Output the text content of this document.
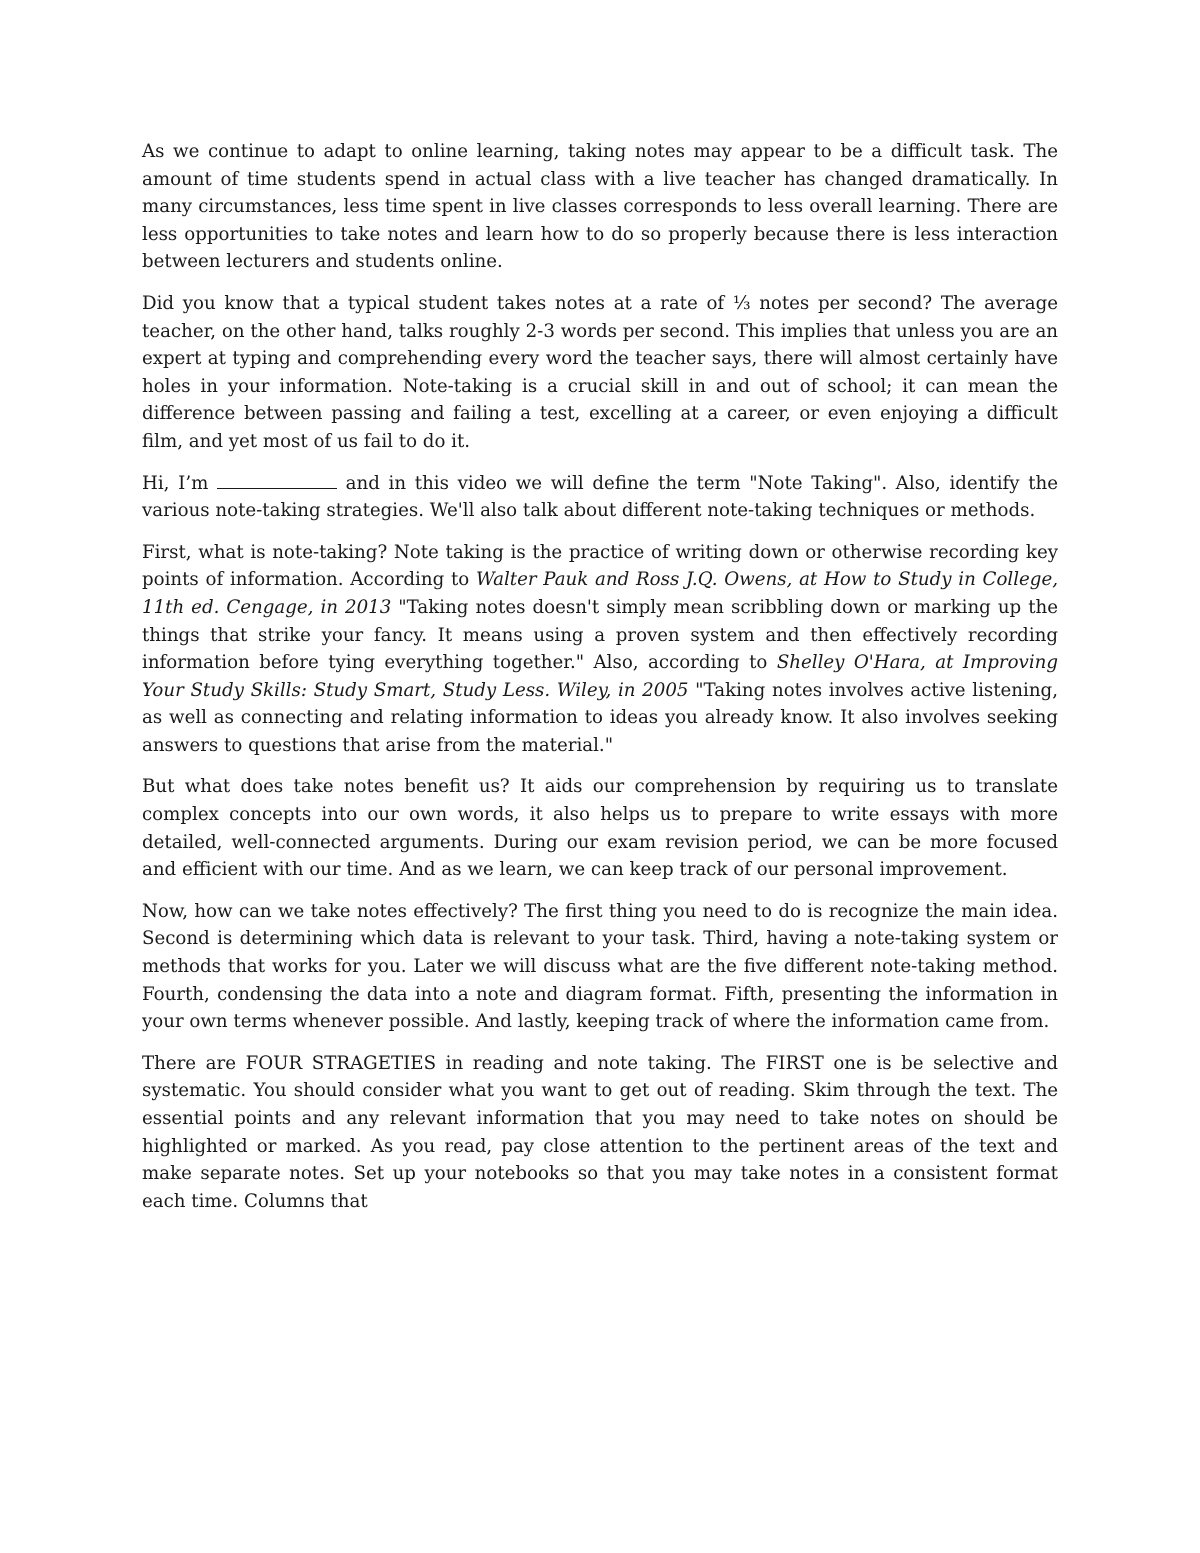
As we continue to adapt to online learning, taking notes may appear to be a difficult task. The amount of time students spend in actual class with a live teacher has changed dramatically. In many circumstances, less time spent in live classes corresponds to less overall learning. There are less opportunities to take notes and learn how to do so properly because there is less interaction between lecturers and students online.

Did you know that a typical student takes notes at a rate of ⅓ notes per second? The average teacher, on the other hand, talks roughly 2-3 words per second. This implies that unless you are an expert at typing and comprehending every word the teacher says, there will almost certainly have holes in your information. Note-taking is a crucial skill in and out of school; it can mean the difference between passing and failing a test, excelling at a career, or even enjoying a difficult film, and yet most of us fail to do it.

Hi, I’m	and in this video we will define the term "Note Taking". Also, identify the various note-taking strategies. We'll also talk about different note-taking techniques or methods.

First, what is note-taking? Note taking is the practice of writing down or otherwise recording key points of information. According to Walter Pauk and Ross J.Q. Owens, at How to Study in College, 11th ed. Cengage, in 2013 "Taking notes doesn't simply mean scribbling down or marking up the things that strike your fancy. It means using a proven system and then effectively recording information before tying everything together." Also, according to Shelley O'Hara, at Improving Your Study Skills: Study Smart, Study Less. Wiley, in 2005 "Taking notes involves active listening, as well as connecting and relating information to ideas you already know. It also involves seeking answers to questions that arise from the material."

But what does take notes benefit us? It aids our comprehension by requiring us to translate complex concepts into our own words, it also helps us to prepare to write essays with more detailed, well-connected arguments. During our exam revision period, we can be more focused and efficient with our time. And as we learn, we can keep track of our personal improvement.

Now, how can we take notes effectively? The first thing you need to do is recognize the main idea. Second is determining which data is relevant to your task. Third, having a note-taking system or methods that works for you. Later we will discuss what are the five different note-taking method. Fourth, condensing the data into a note and diagram format. Fifth, presenting the information in your own terms whenever possible. And lastly, keeping track of where the information came from.

There are FOUR STRAGETIES in reading and note taking. The FIRST one is be selective and systematic. You should consider what you want to get out of reading. Skim through the text. The essential points and any relevant information that you may need to take notes on should be highlighted or marked. As you read, pay close attention to the pertinent areas of the text and make separate notes. Set up your notebooks so that you may take notes in a consistent format each time. Columns that
